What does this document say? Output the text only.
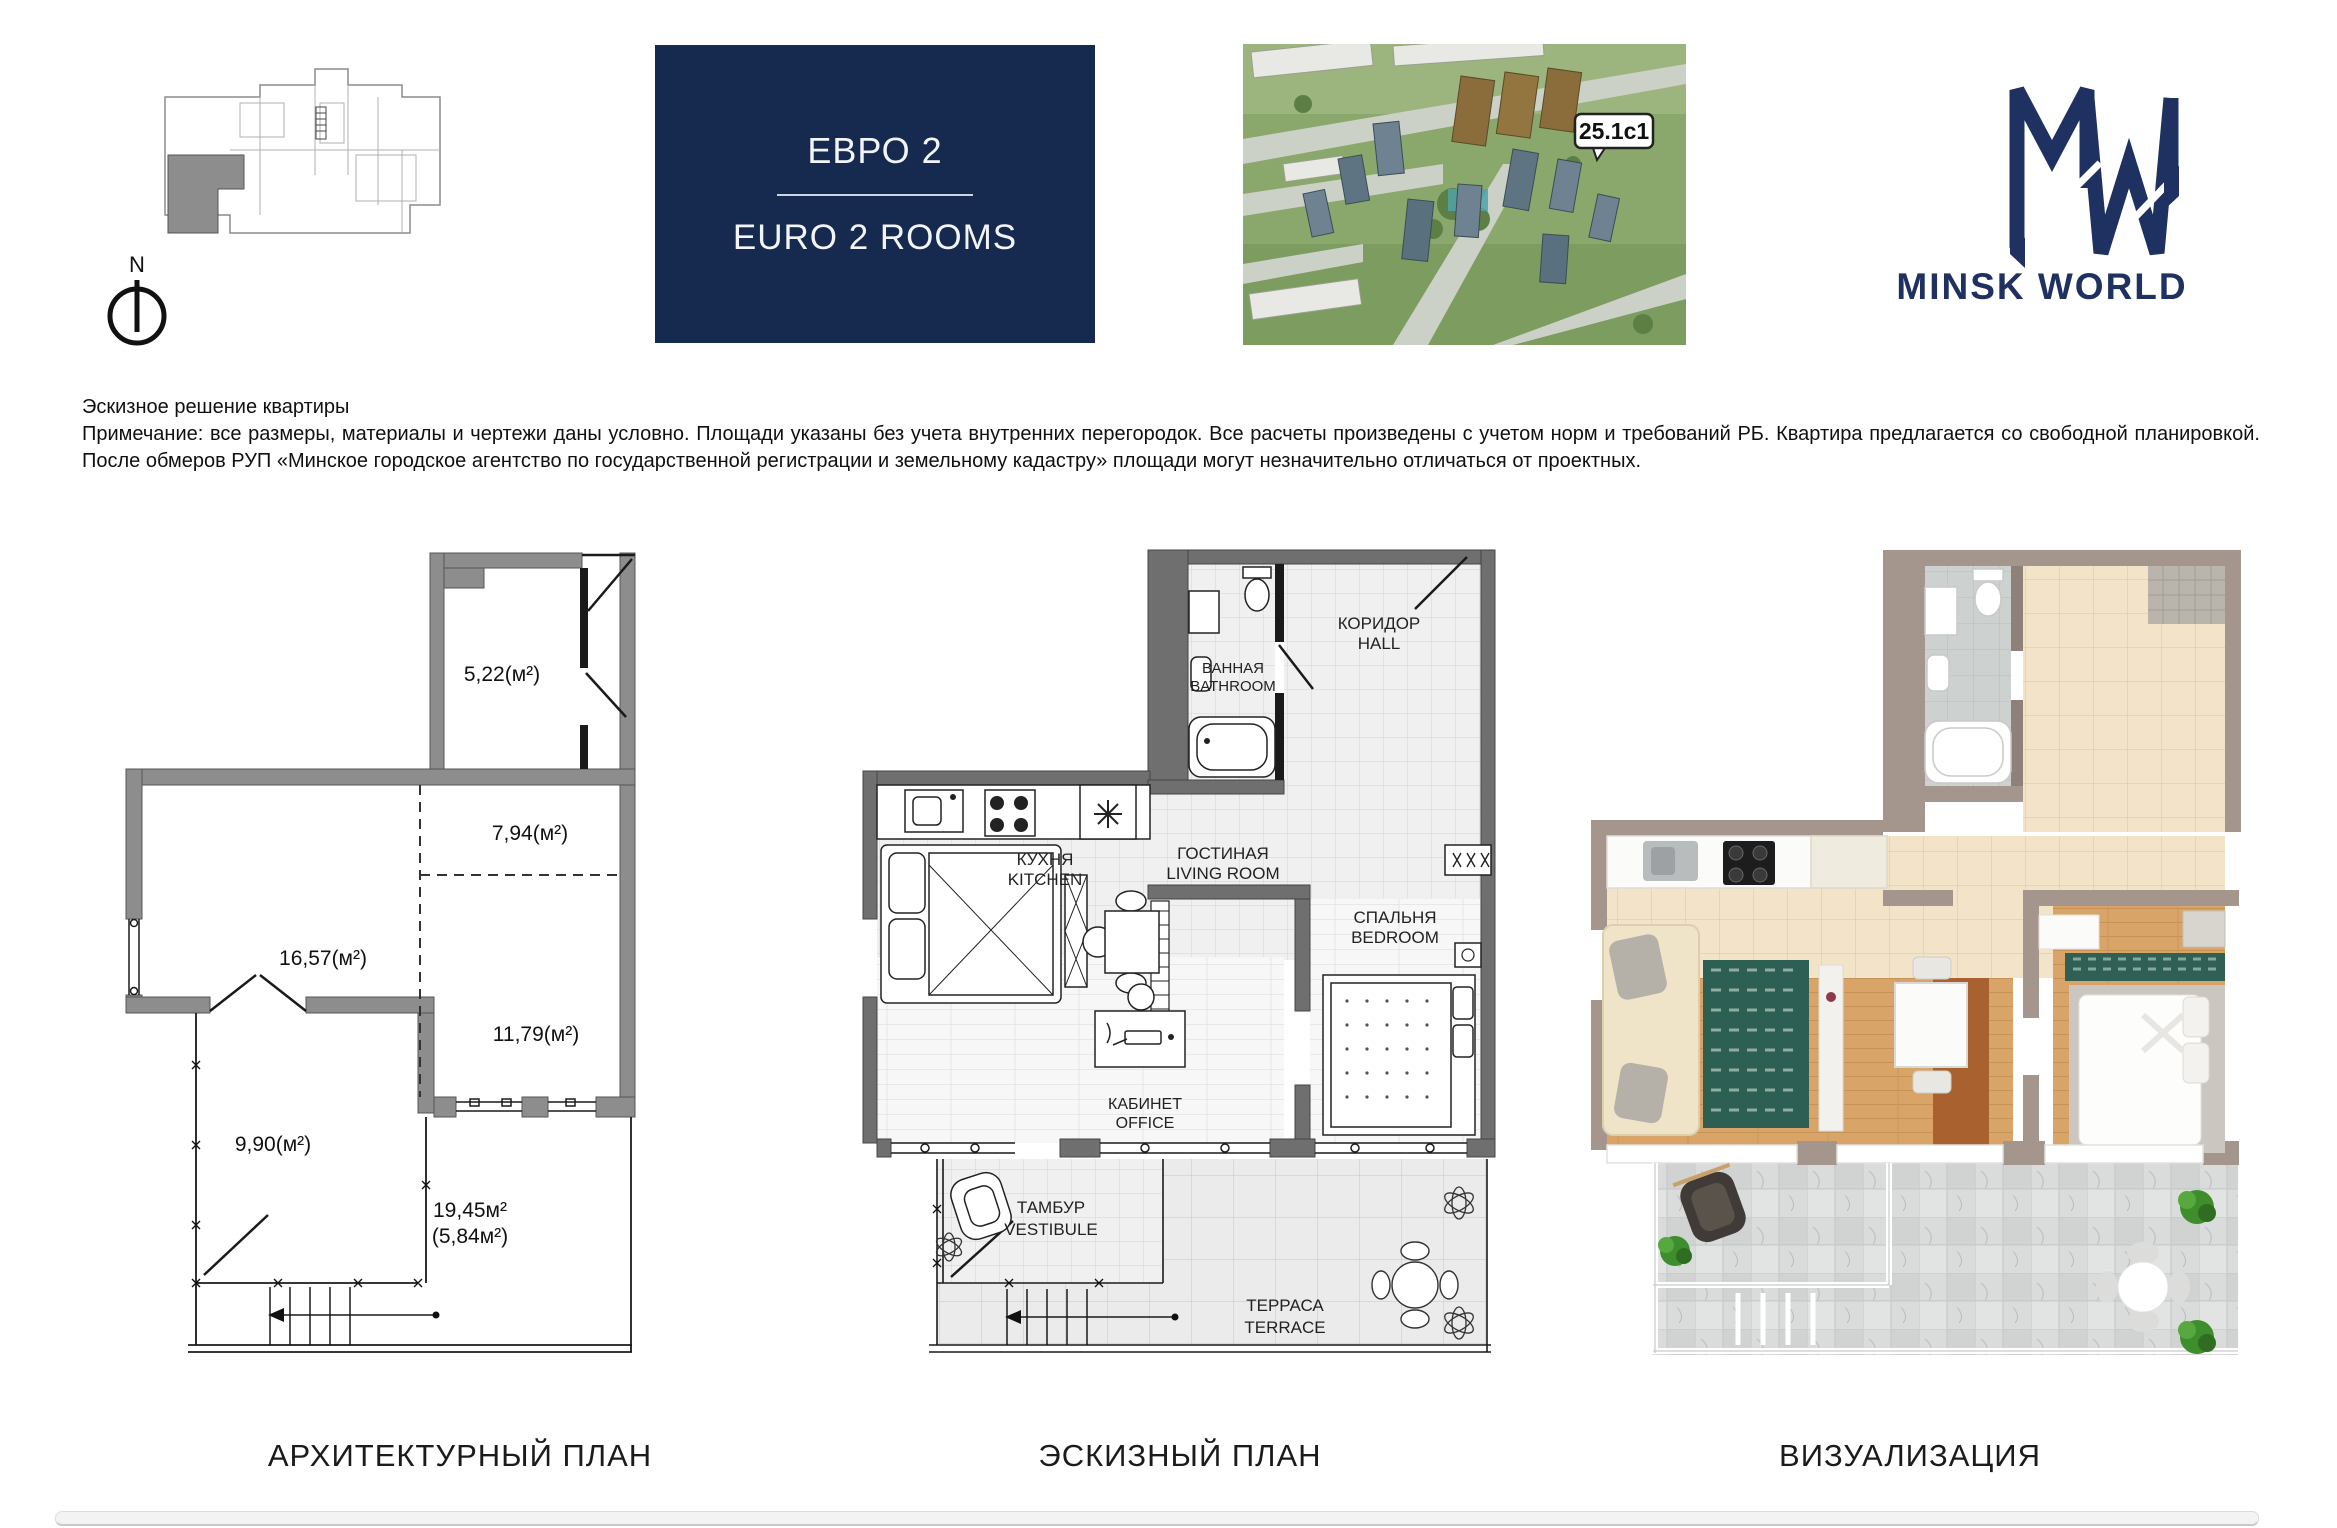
N
ЕВРО 2
EURO 2 ROOMS
25.1с1
MINSK WORLD
Эскизное решение квартиры
Примечание: все размеры, материалы и чертежи даны условно. Площади указаны без учета внутренних перегородок. Все расчеты произведены с учетом норм и требований РБ. Квартира предлагается со свободной планировкой.
После обмеров РУП «Минское городское агентство по государственной регистрации и земельному кадастру» площади могут незначительно отличаться от проектных.
5,22(м²)
7,94(м²)
16,57(м²)
11,79(м²)
9,90(м²)
19,45м²
(5,84м²)
КУХНЯ
KITCHEN
ГОСТИНАЯ
LIVING ROOM
ВАННАЯ
BATHROOM
КОРИДОР
HALL
СПАЛЬНЯ
BEDROOM
КАБИНЕТ
OFFICE
ТАМБУР
VESTIBULE
ТЕРРАСА
TERRACE
АРХИТЕКТУРНЫЙ ПЛАН	ЭСКИЗНЫЙ ПЛАН	ВИЗУАЛИЗАЦИЯ
